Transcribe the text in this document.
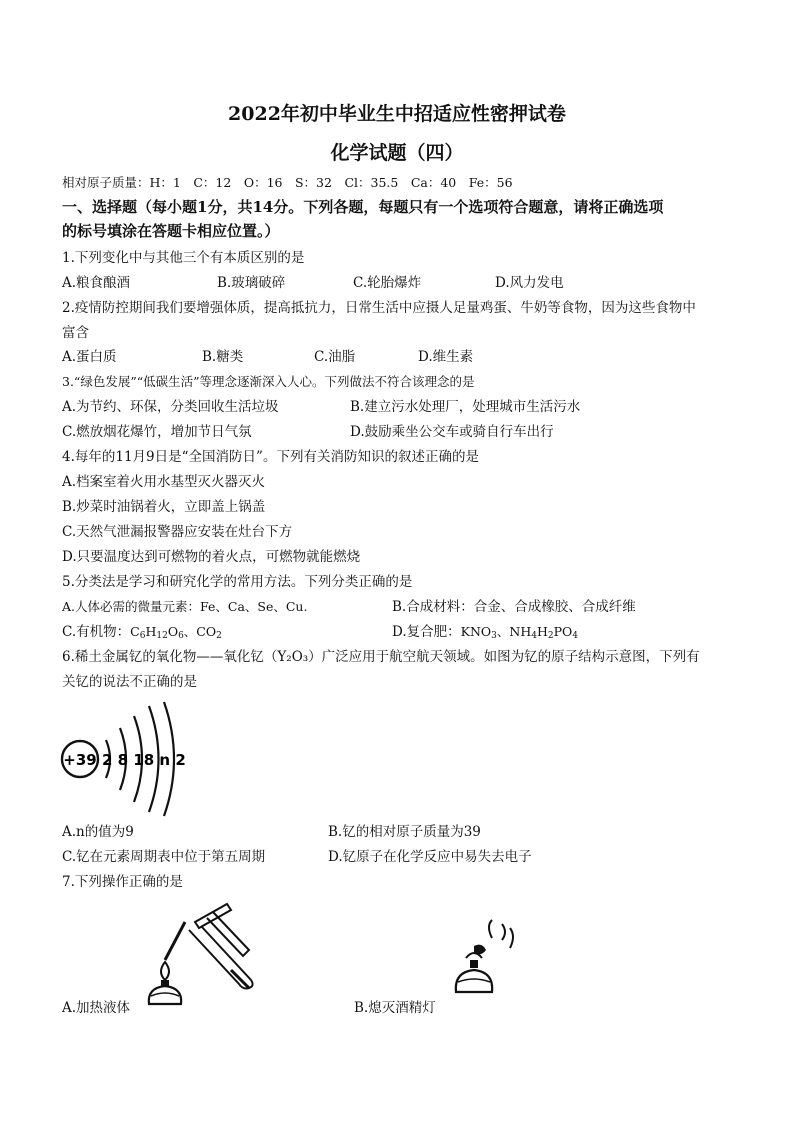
2022年初中毕业生中招适应性密押试卷
化学试题（四）
相对原子质量：H：1　C：12　O：16　S：32　Cl：35.5　Ca：40　Fe：56
一、选择题（每小题1分，共14分。下列各题，每题只有一个选项符合题意，请将正确选项
的标号填涂在答题卡相应位置。）
1.下列变化中与其他三个有本质区别的是
A.粮食酿酒	B.玻璃破碎	C.轮胎爆炸	D.风力发电
2.疫情防控期间我们要增强体质，提高抵抗力，日常生活中应摄人足量鸡蛋、牛奶等食物，因为这些食物中
富含
A.蛋白质	B.糖类	C.油脂	D.维生素
3.“绿色发展”“低碳生活”等理念逐渐深入人心。下列做法不符合该理念的是
A.为节约、环保，分类回收生活垃圾	B.建立污水处理厂，处理城市生活污水
C.燃放烟花爆竹，增加节日气氛	D.鼓励乘坐公交车或骑自行车出行
4.每年的11月9日是“全国消防日”。下列有关消防知识的叙述正确的是
A.档案室着火用水基型灭火器灭火
B.炒菜时油锅着火，立即盖上锅盖
C.天然气泄漏报警器应安装在灶台下方
D.只要温度达到可燃物的着火点，可燃物就能燃烧
5.分类法是学习和研究化学的常用方法。下列分类正确的是
A.人体必需的微量元素：Fe、Ca、Se、Cu.	B.合成材料：合金、合成橡胶、合成纤维
C.有机物：$C_6H_{12}O_6$、$CO_2$	D.复合肥：$KNO_3$、$NH_4H_2PO_4$
6.稀土金属钇的氧化物——氧化钇（Y₂O₃）广泛应用于航空航天领域。如图为钇的原子结构示意图，下列有
关钇的说法不正确的是
+39 2 8 18 n 2
A.n的值为9	B.钇的相对原子质量为39
C.钇在元素周期表中位于第五周期	D.钇原子在化学反应中易失去电子
7.下列操作正确的是
A.加热液体	B.熄灭酒精灯
